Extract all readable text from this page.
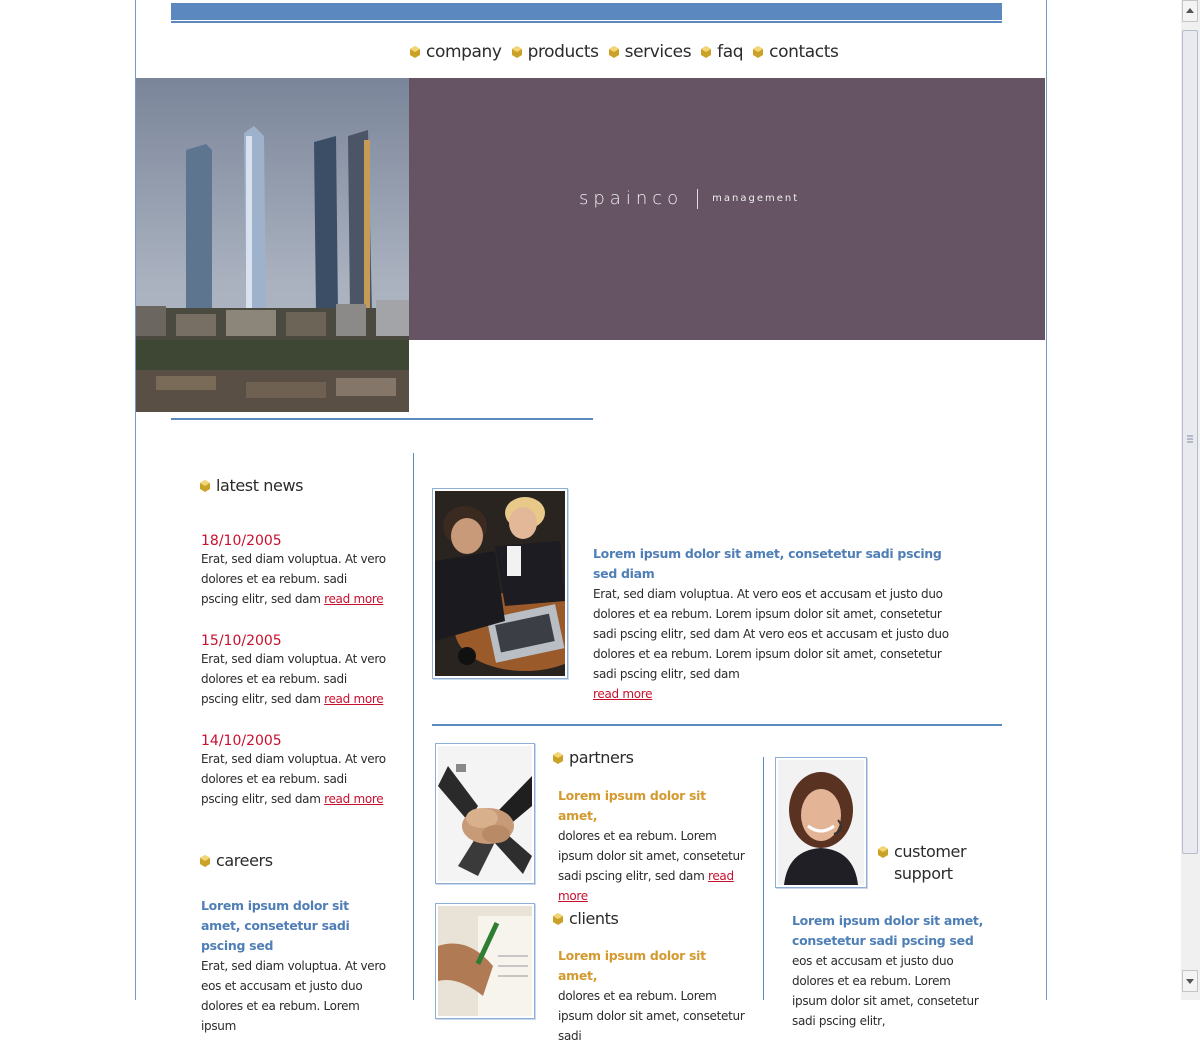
company products services faq contacts
spainco	management
latest news
18/10/2005
Erat, sed diam voluptua. At vero dolores et ea rebum. sadi pscing elitr, sed dam read more
15/10/2005
Erat, sed diam voluptua. At vero dolores et ea rebum. sadi pscing elitr, sed dam read more
14/10/2005
Erat, sed diam voluptua. At vero dolores et ea rebum. sadi pscing elitr, sed dam read more
careers
Lorem ipsum dolor sit amet, consetetur sadi pscing sed
Erat, sed diam voluptua. At vero eos et accusam et justo duo dolores et ea rebum. Lorem ipsum
Lorem ipsum dolor sit amet, consetetur sadi pscing sed diam
Erat, sed diam voluptua. At vero eos et accusam et justo duo dolores et ea rebum. Lorem ipsum dolor sit amet, consetetur sadi pscing elitr, sed dam At vero eos et accusam et justo duo dolores et ea rebum. Lorem ipsum dolor sit amet, consetetur sadi pscing elitr, sed dam
read more
partners
Lorem ipsum dolor sit amet,
dolores et ea rebum. Lorem ipsum dolor sit amet, consetetur sadi pscing elitr, sed dam read more
clients
Lorem ipsum dolor sit amet,
dolores et ea rebum. Lorem ipsum dolor sit amet, consetetur sadi
customer
support
Lorem ipsum dolor sit amet, consetetur sadi pscing sed
eos et accusam et justo duo dolores et ea rebum. Lorem ipsum dolor sit amet, consetetur sadi pscing elitr,
